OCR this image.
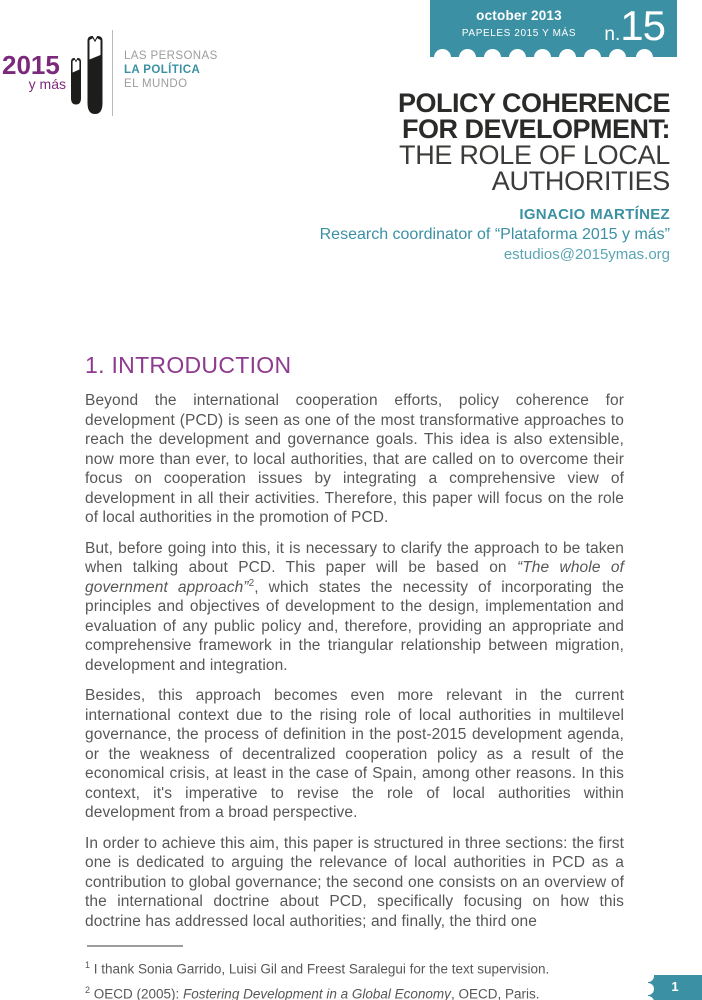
2015
y más
LAS PERSONAS
LA POLÍTICA
EL MUNDO
october 2013
PAPELES 2015 Y MÁS	n. 15
POLICY COHERENCE
FOR DEVELOPMENT:
THE ROLE OF LOCAL
AUTHORITIES
IGNACIO MARTÍNEZ
Research coordinator of “Plataforma 2015 y más”
estudios@2015ymas.org
1. INTRODUCTION

Beyond the international cooperation efforts, policy coherence for development (PCD) is seen as one of the most transformative approaches to reach the development and governance goals. This idea is also extensible, now more than ever, to local authorities, that are called on to overcome their focus on cooperation issues by integrating a comprehensive view of development in all their activities. Therefore, this paper will focus on the role of local authorities in the promotion of PCD.

But, before going into this, it is necessary to clarify the approach to be taken when talking about PCD. This paper will be based on “The whole of government approach”$^2$, which states the necessity of incorporating the principles and objectives of development to the design, implementation and evaluation of any public policy and, therefore, providing an appropriate and comprehensive framework in the triangular relationship between migration, development and integration.

Besides, this approach becomes even more relevant in the current international context due to the rising role of local authorities in multilevel governance, the process of definition in the post-2015 development agenda, or the weakness of decentralized cooperation policy as a result of the economical crisis, at least in the case of Spain, among other reasons. In this context, it's imperative to revise the role of local authorities within development from a broad perspective.

In order to achieve this aim, this paper is structured in three sections: the first one is dedicated to arguing the relevance of local authorities in PCD as a contribution to global governance; the second one consists on an overview of the international doctrine about PCD, specifically focusing on how this doctrine has addressed local authorities; and finally, the third one

$^1$ I thank Sonia Garrido, Luisi Gil and Freest Saralegui for the text supervision.
$^2$ OECD (2005): Fostering Development in a Global Economy, OECD, Paris.	1
